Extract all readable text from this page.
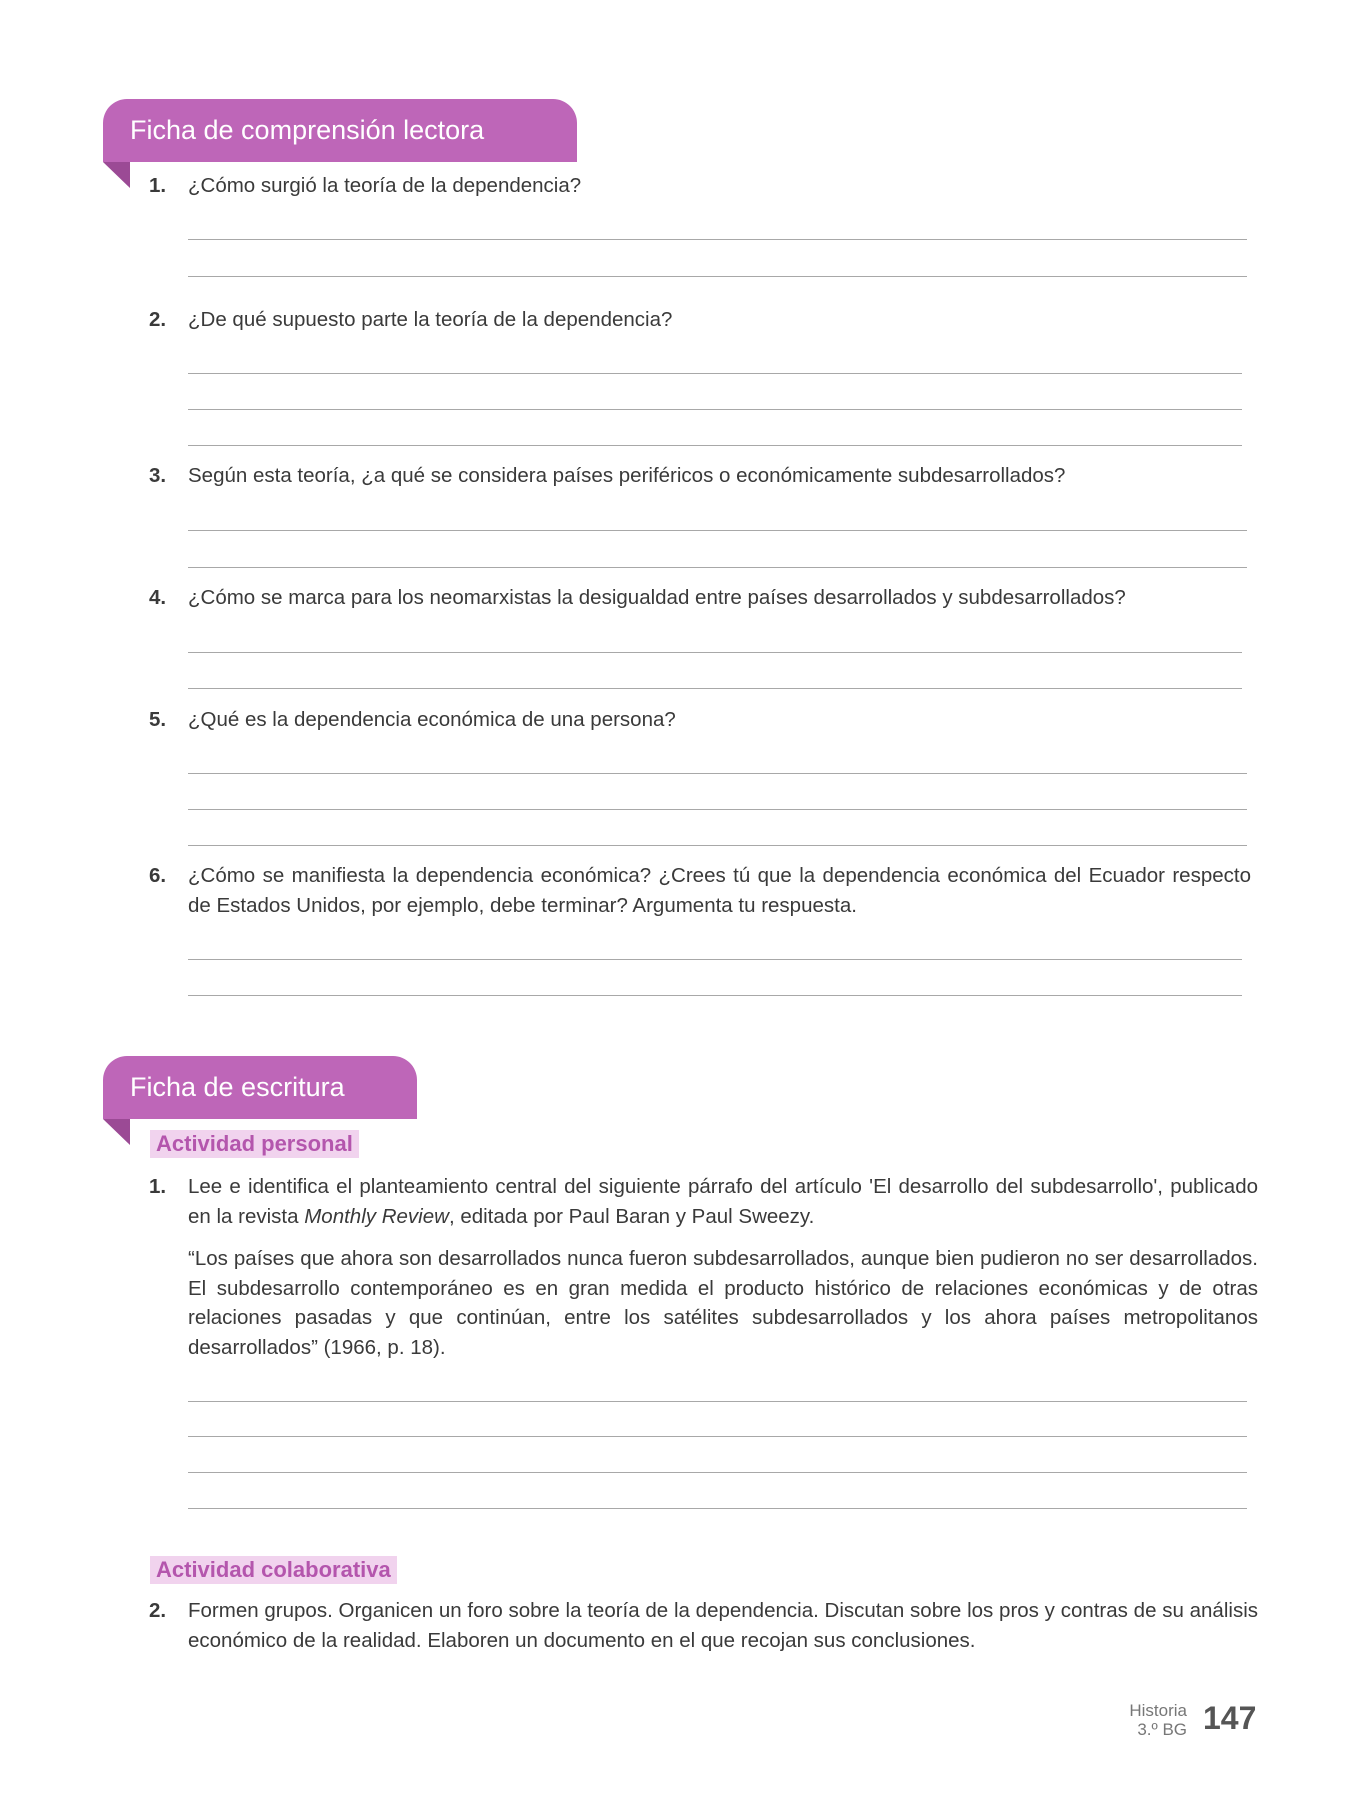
Ficha de comprensión lectora
1. ¿Cómo surgió la teoría de la dependencia?
2. ¿De qué supuesto parte la teoría de la dependencia?
3. Según esta teoría, ¿a qué se considera países periféricos o económicamente subdesarrollados?
4. ¿Cómo se marca para los neomarxistas la desigualdad entre países desarrollados y subdesarrollados?
5. ¿Qué es la dependencia económica de una persona?
6. ¿Cómo se manifiesta la dependencia económica? ¿Crees tú que la dependencia económica del Ecuador respecto de Estados Unidos, por ejemplo, debe terminar? Argumenta tu respuesta.
Ficha de escritura
Actividad personal
1. Lee e identifica el planteamiento central del siguiente párrafo del artículo 'El desarrollo del subdesarrollo', publicado en la revista Monthly Review, editada por Paul Baran y Paul Sweezy.
“Los países que ahora son desarrollados nunca fueron subdesarrollados, aunque bien pudieron no ser desarrollados. El subdesarrollo contemporáneo es en gran medida el producto histórico de relaciones económicas y de otras relaciones pasadas y que continúan, entre los satélites subdesarrollados y los ahora países metropolitanos desarrollados” (1966, p. 18).
Actividad colaborativa
2. Formen grupos. Organicen un foro sobre la teoría de la dependencia. Discutan sobre los pros y contras de su análisis económico de la realidad. Elaboren un documento en el que recojan sus conclusiones.
Historia
3.º BG 147
